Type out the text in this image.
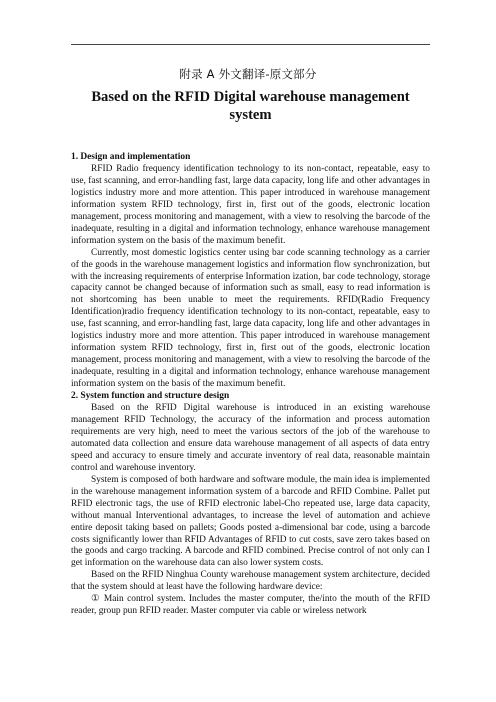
附录 A 外文翻译-原文部分
Based on the RFID Digital warehouse management system
1. Design and implementation

RFID Radio frequency identification technology to its non-contact, repeatable, easy to use, fast scanning, and error-handling fast, large data capacity, long life and other advantages in logistics industry more and more attention. This paper introduced in warehouse management information system RFID technology, first in, first out of the goods, electronic location management, process monitoring and management, with a view to resolving the barcode of the inadequate, resulting in a digital and information technology, enhance warehouse management information system on the basis of the maximum benefit.

Currently, most domestic logistics center using bar code scanning technology as a carrier of the goods in the warehouse management logistics and information flow synchronization, but with the increasing requirements of enterprise Information ization, bar code technology, storage capacity cannot be changed because of information such as small, easy to read information is not shortcoming has been unable to meet the requirements. RFID(Radio Frequency Identification)radio frequency identification technology to its non-contact, repeatable, easy to use, fast scanning, and error-handling fast, large data capacity, long life and other advantages in logistics industry more and more attention. This paper introduced in warehouse management information system RFID technology, first in, first out of the goods, electronic location management, process monitoring and management, with a view to resolving the barcode of the inadequate, resulting in a digital and information technology, enhance warehouse management information system on the basis of the maximum benefit.

2. System function and structure design

Based on the RFID Digital warehouse is introduced in an existing warehouse management RFID Technology, the accuracy of the information and process automation requirements are very high, need to meet the various sectors of the job of the warehouse to automated data collection and ensure data warehouse management of all aspects of data entry speed and accuracy to ensure timely and accurate inventory of real data, reasonable maintain control and warehouse inventory.

System is composed of both hardware and software module, the main idea is implemented in the warehouse management information system of a barcode and RFID Combine. Pallet put RFID electronic tags, the use of RFID electronic label-Cho repeated use, large data capacity, without manual Interventional advantages, to increase the level of automation and achieve entire deposit taking based on pallets; Goods posted a-dimensional bar code, using a barcode costs significantly lower than RFID Advantages of RFID to cut costs, save zero takes based on the goods and cargo tracking. A barcode and RFID combined. Precise control of not only can I get information on the warehouse data can also lower system costs.

Based on the RFID Ninghua County warehouse management system architecture, decided that the system should at least have the following hardware device:

① Main control system. Includes the master computer, the/into the mouth of the RFID reader, group pun RFID reader. Master computer via cable or wireless network
